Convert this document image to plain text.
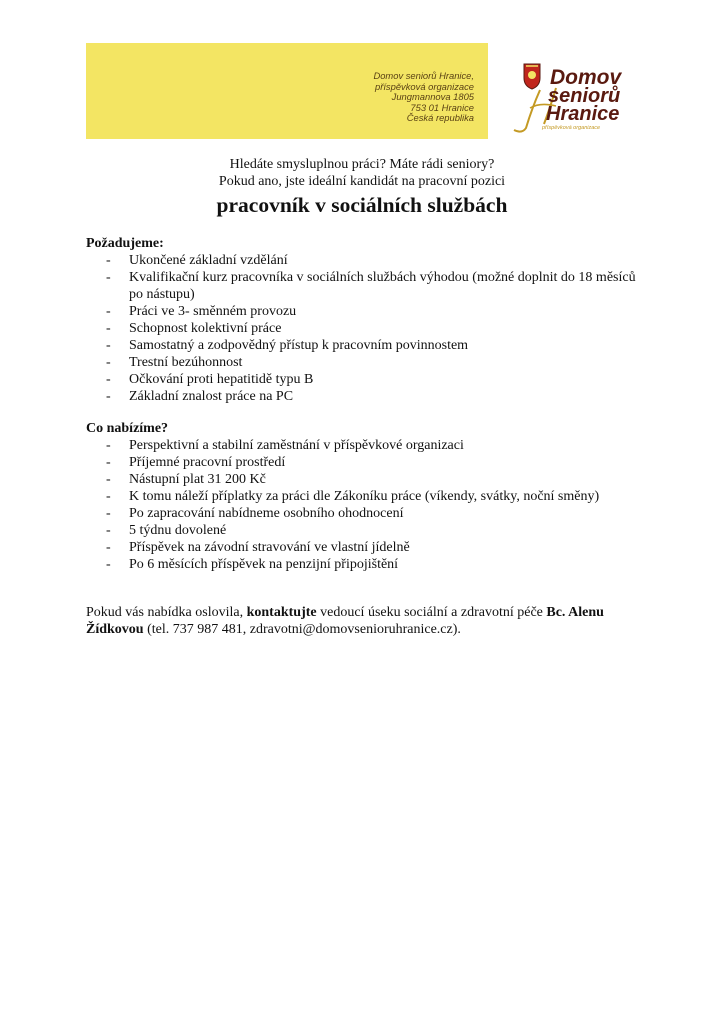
Domov seniorů Hranice,
příspěvková organizace
Jungmannova 1805
753 01 Hranice
Česká republika
Domov
seniorů
Hranice
příspěvková organizace
Hledáte smysluplnou práci? Máte rádi seniory?
Pokud ano, jste ideální kandidát na pracovní pozici
pracovník v sociálních službách
Požadujeme:
- Ukončené základní vzdělání
- Kvalifikační kurz pracovníka v sociálních službách výhodou (možné doplnit do 18 měsíců po nástupu)
- Práci ve 3- směnném provozu
- Schopnost kolektivní práce
- Samostatný a zodpovědný přístup k pracovním povinnostem
- Trestní bezúhonnost
- Očkování proti hepatitidě typu B
- Základní znalost práce na PC
Co nabízíme?
- Perspektivní a stabilní zaměstnání v příspěvkové organizaci
- Příjemné pracovní prostředí
- Nástupní plat 31 200 Kč
- K tomu náleží příplatky za práci dle Zákoníku práce (víkendy, svátky, noční směny)
- Po zapracování nabídneme osobního ohodnocení
- 5 týdnu dovolené
- Příspěvek na závodní stravování ve vlastní jídelně
- Po 6 měsících příspěvek na penzijní připojištění
Pokud vás nabídka oslovila, kontaktujte vedoucí úseku sociální a zdravotní péče Bc. Alenu Žídkovou (tel. 737 987 481, zdravotni@domovsenioruhranice.cz).
